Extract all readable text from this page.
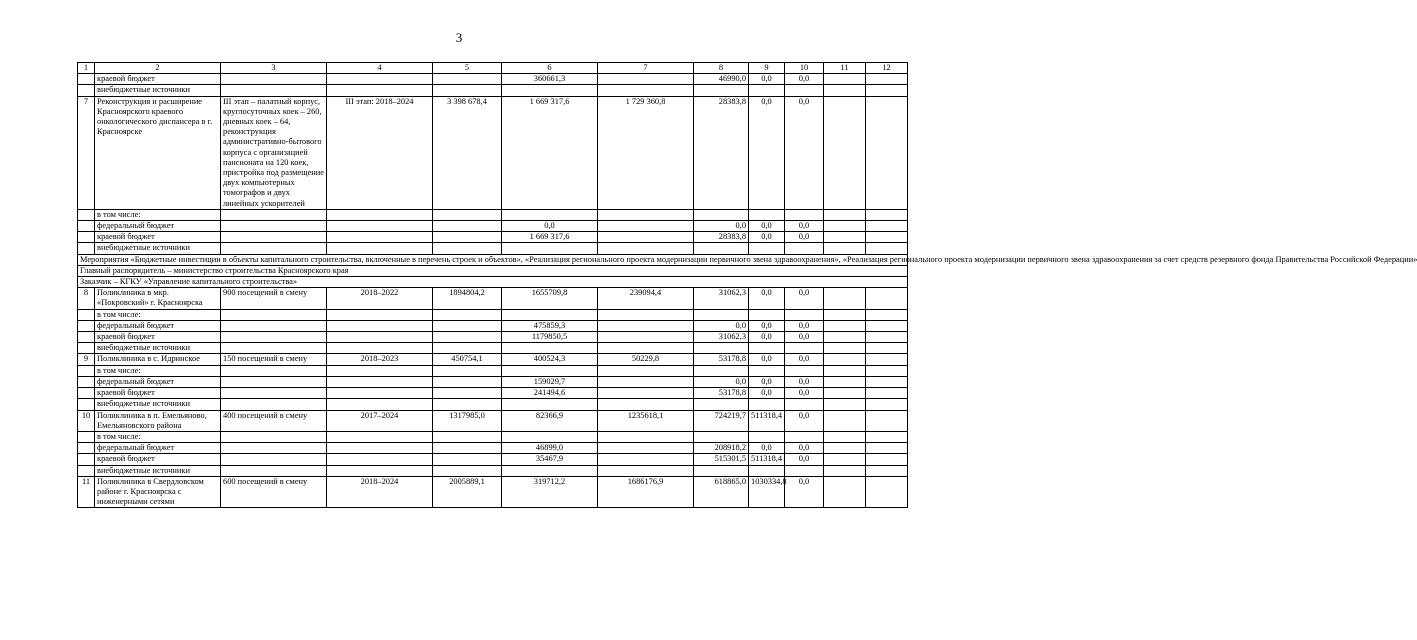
3
1	2	3	4	5	6	7	8	9	10	11	12
	краевой бюджет				360661,3		46990,0	0,0	0,0		
	внебюджетные источники										
7	Реконструкция и расширение Красноярского краевого онкологического диспансера в г. Красноярске	III этап – палатный корпус, круглосуточных коек – 260, дневных коек – 64, реконструкция административно-бытового корпуса с организацией пансионата на 120 коек, пристройка под размещение двух компьютерных томографов и двух линейных ускорителей	III этап: 2018–2024	3 398 678,4	1 669 317,6	1 729 360,8	28383,8	0,0	0,0		
	в том числе:										
	федеральный бюджет				0,0		0,0	0,0	0,0		
	краевой бюджет				1 669 317,6		28383,8	0,0	0,0		
	внебюджетные источники										
Мероприятия «Бюджетные инвестиции в объекты капитального строительства, включенные в перечень строек и объектов», «Реализация регионального проекта модернизации первичного звена здравоохранения», «Реализация регионального проекта модернизации первичного звена здравоохранения за счет средств резервного фонда Правительства Российской Федерации»											
Главный распорядитель – министерство строительства Красноярского края											
Заказчик – КГКУ «Управление капитального строительства»											
8	Поликлиника в мкр. «Покровский» г. Красноярска	900 посещений в смену	2018–2022	1894804,2	1655709,8	239094,4	31062,3	0,0	0,0		
	в том числе:										
	федеральный бюджет				475859,3		0,0	0,0	0,0		
	краевой бюджет				1179850,5		31062,3	0,0	0,0		
	внебюджетные источники										
9	Поликлиника в с. Идринское	150 посещений в смену	2018–2023	450754,1	400524,3	50229,8	53178,8	0,0	0,0		
	в том числе:										
	федеральный бюджет				159029,7		0,0	0,0	0,0		
	краевой бюджет				241494,6		53178,8	0,0	0,0		
	внебюджетные источники										
10	Поликлиника в п. Емельяново, Емельяновского района	400 посещений в смену	2017–2024	1317985,0	82366,9	1235618,1	724219,7	511318,4	0,0		
	в том числе:										
	федеральный бюджет				46899,0		208918,2	0,0	0,0		
	краевой бюджет				35467,9		515301,5	511318,4	0,0		
	внебюджетные источники										
11	Поликлиника в Свердловском районе г. Красноярска с инженерными сетями	600 посещений в смену	2018–2024	2005889,1	319712,2	1686176,9	618865,0	1030334,8	0,0		
